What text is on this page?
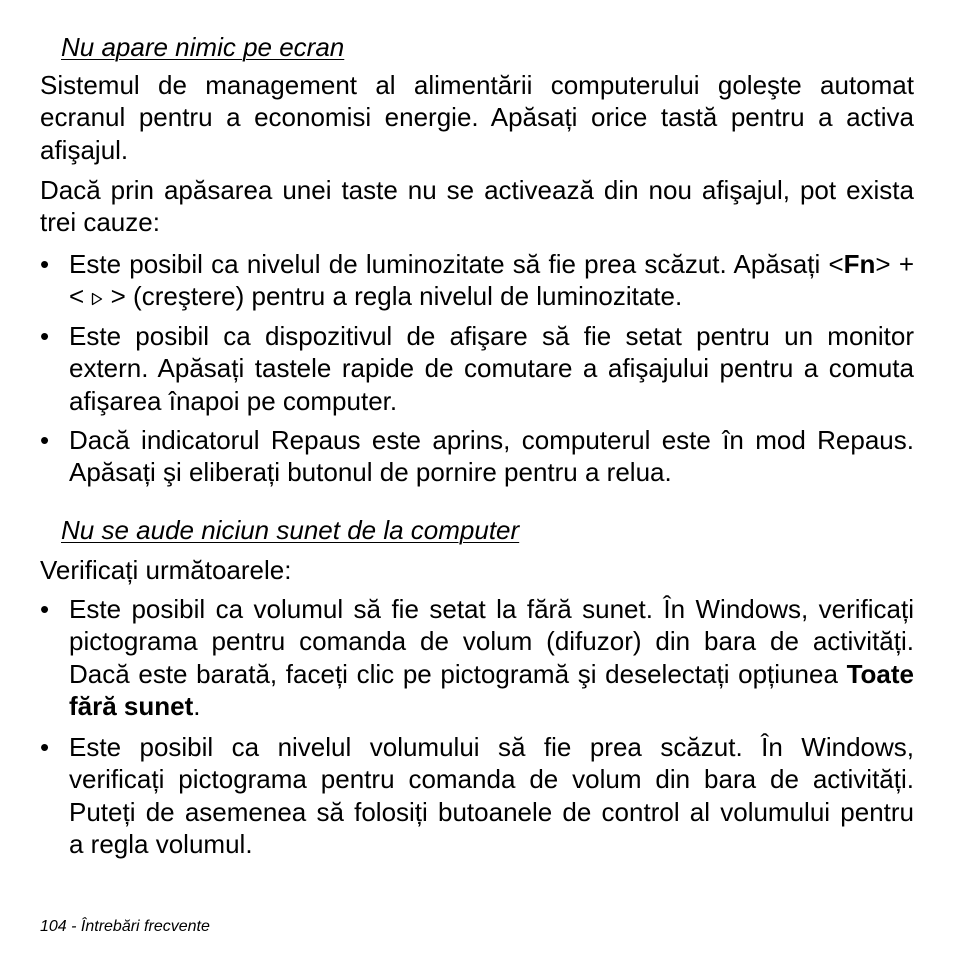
Nu apare nimic pe ecran
Sistemul de management al alimentării computerului goleşte automat
ecranul pentru a economisi energie. Apăsați orice tastă pentru a activa
afişajul.
Dacă prin apăsarea unei taste nu se activează din nou afişajul, pot exista
trei cauze:
• Este posibil ca nivelul de luminozitate să fie prea scăzut. Apăsați <Fn> +
<  > (creştere) pentru a regla nivelul de luminozitate.
• Este posibil ca dispozitivul de afişare să fie setat pentru un monitor
extern. Apăsați tastele rapide de comutare a afişajului pentru a comuta
afişarea înapoi pe computer.
• Dacă indicatorul Repaus este aprins, computerul este în mod Repaus.
Apăsați şi eliberați butonul de pornire pentru a relua.
Nu se aude niciun sunet de la computer
Verificați următoarele:
• Este posibil ca volumul să fie setat la fără sunet. În Windows, verificați
pictograma pentru comanda de volum (difuzor) din bara de activități.
Dacă este barată, faceți clic pe pictogramă şi deselectați opțiunea Toate
fără sunet.
• Este posibil ca nivelul volumului să fie prea scăzut. În Windows,
verificați pictograma pentru comanda de volum din bara de activități.
Puteți de asemenea să folosiți butoanele de control al volumului pentru
a regla volumul.
104 - Întrebări frecvente
